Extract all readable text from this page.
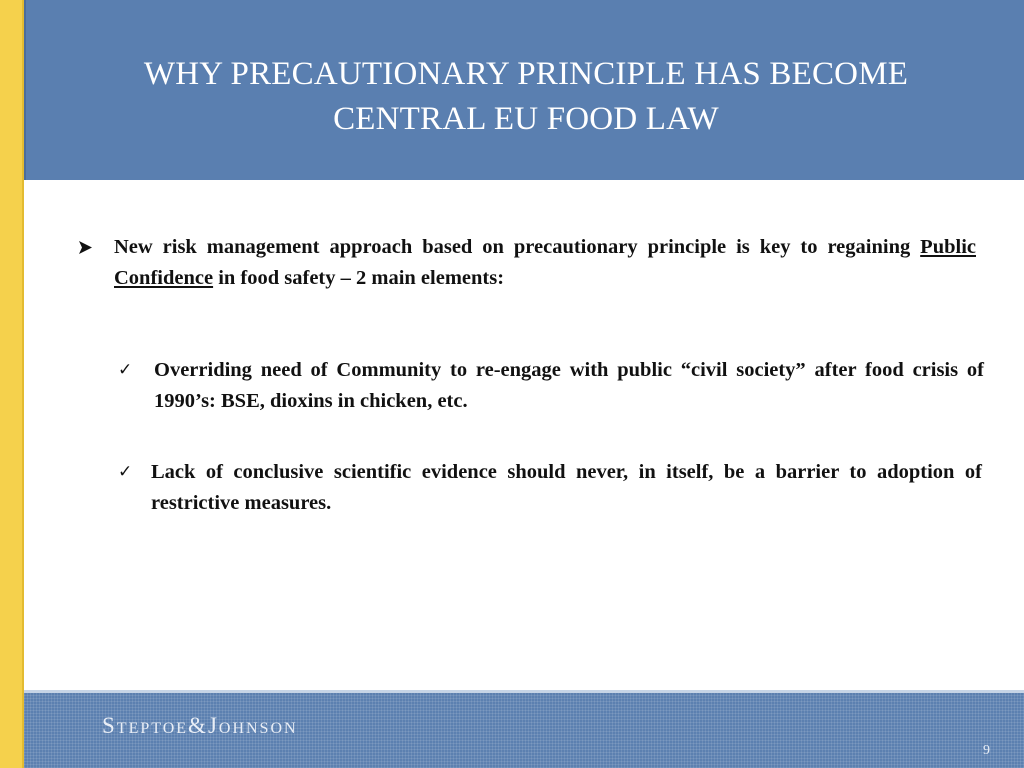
WHY PRECAUTIONARY PRINCIPLE HAS BECOME
CENTRAL EU FOOD LAW
New risk management approach based on precautionary principle is key to regaining Public Confidence in food safety – 2 main elements:
✓ Overriding need of Community to re-engage with public “civil society” after food crisis of 1990’s: BSE, dioxins in chicken, etc.
✓ Lack of conclusive scientific evidence should never, in itself, be a barrier to adoption of restrictive measures.
Steptoe&Johnson
9
